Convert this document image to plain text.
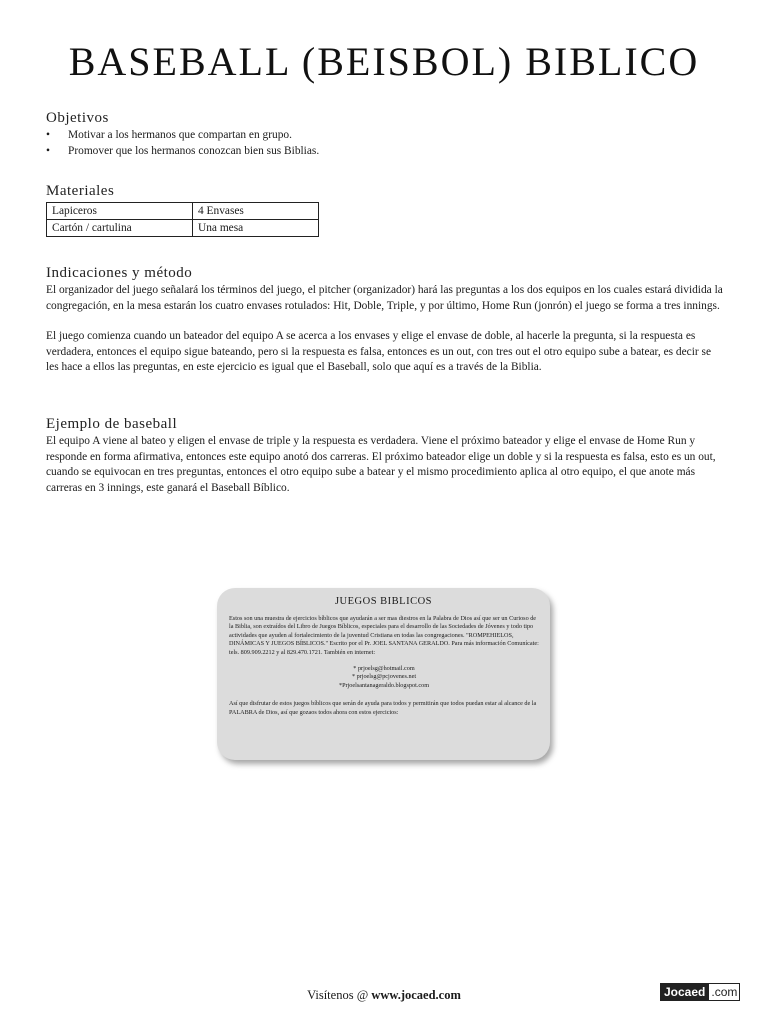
BASEBALL (BEISBOL) BIBLICO
Objetivos
• Motivar a los hermanos que compartan en grupo.
• Promover que los hermanos conozcan bien sus Biblias.
Materiales
Lapiceros	4 Envases
Cartón / cartulina	Una mesa
Indicaciones y método

El organizador del juego señalará los términos del juego, el pitcher (organizador) hará las preguntas a los dos equipos en los cuales estará dividida la congregación, en la mesa estarán los cuatro envases rotulados: Hit, Doble, Triple, y por último, Home Run (jonrón) el juego se forma a tres innings.

El juego comienza cuando un bateador del equipo A se acerca a los envases y elige el envase de doble, al hacerle la pregunta, si la respuesta es verdadera, entonces el equipo sigue bateando, pero si la respuesta es falsa, entonces es un out, con tres out el otro equipo sube a batear, es decir se les hace a ellos las preguntas, en este ejercicio es igual que el Baseball, solo que aquí es a través de la Biblia.

Ejemplo de baseball

El equipo A viene al bateo y eligen el envase de triple y la respuesta es verdadera. Viene el próximo bateador y elige el envase de Home Run y responde en forma afirmativa, entonces este equipo anotó dos carreras. El próximo bateador elige un doble y si la respuesta es falsa, esto es un out, cuando se equivocan en tres preguntas, entonces el otro equipo sube a batear y el mismo procedimiento aplica al otro equipo, el que anote más carreras en 3 innings, este ganará el Baseball Bíblico.

JUEGOS BIBLICOS

Estos son una muestra de ejercicios bíblicos que ayudarán a ser mas diestros en la Palabra de Dios así que ser un Curioso de la Biblia, son extraídos del Libro de Juegos Bíblicos, especiales para el desarrollo de las Sociedades de Jóvenes y todo tipo actividades que ayuden al fortalecimiento de la juventud Cristiana en todas las congregaciones. "ROMPEHIELOS, DINÁMICAS Y JUEGOS BÍBLICOS." Escrito por el Pr. JOEL SANTANA GERALDO. Para más información Comunícate: tels. 809.909.2212 y al 829.470.1721. También en internet:

* prjoelsg@hotmail.com
* prjoelsg@pcjovenes.net
*Prjoelsantanageraldo.blogspot.com

Así que disfrutar de estos juegos bíblicos que serán de ayuda para todos y permitirán que todos puedan estar al alcance de la PALABRA de Dios, así que gozaos todos ahora con estos ejercicios:

Visítenos @ www.jocaed.com	Jocaed .com
